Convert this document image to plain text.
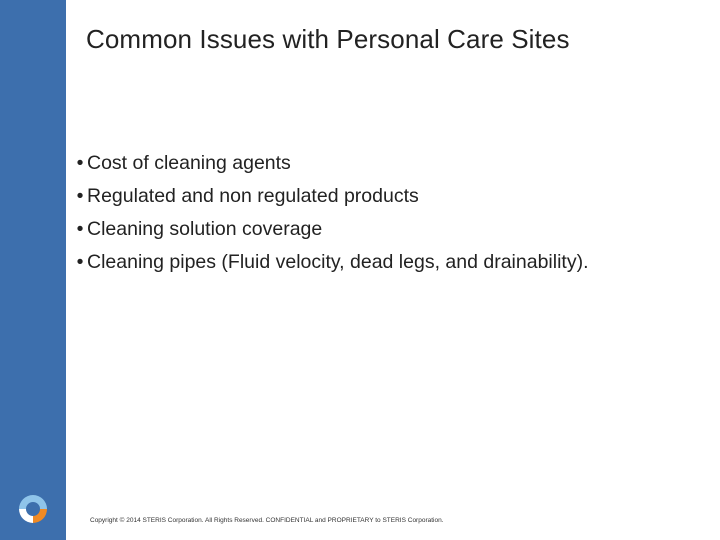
Common Issues with Personal Care Sites
• Cost of cleaning agents
• Regulated and non regulated products
• Cleaning solution coverage
• Cleaning pipes (Fluid velocity, dead legs, and drainability).
Copyright © 2014 STERIS Corporation. All Rights Reserved. CONFIDENTIAL and PROPRIETARY to STERIS Corporation.
